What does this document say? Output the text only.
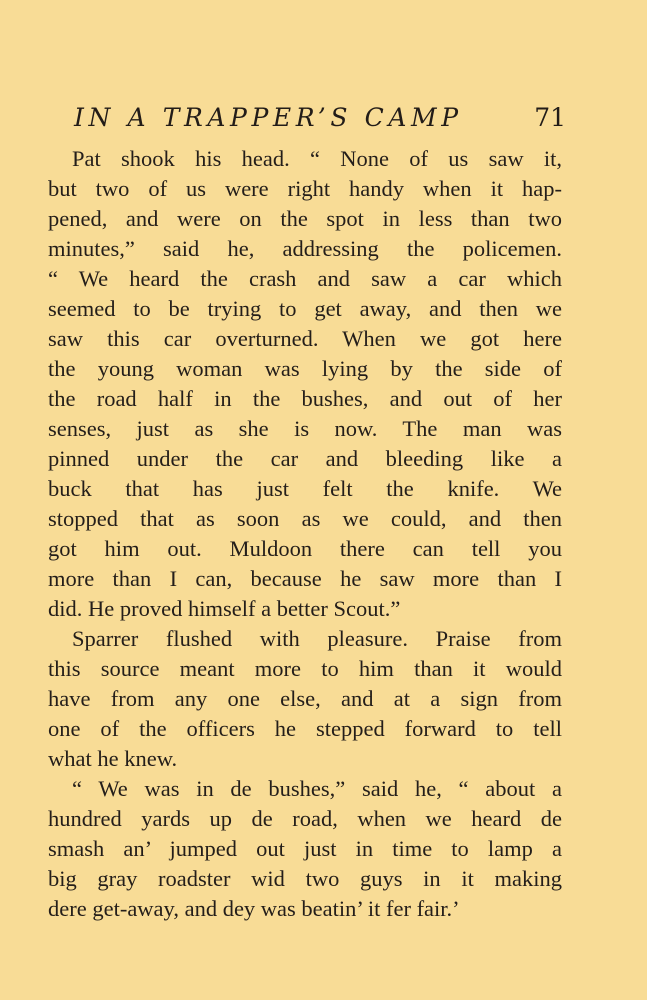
IN A TRAPPER’S CAMP	71
Pat shook his head. “ None of us saw it,
but two of us were right handy when it hap-
pened, and were on the spot in less than two
minutes,” said he, addressing the policemen.
“ We heard the crash and saw a car which
seemed to be trying to get away, and then we
saw this car overturned. When we got here
the young woman was lying by the side of
the road half in the bushes, and out of her
senses, just as she is now. The man was
pinned under the car and bleeding like a
buck that has just felt the knife. We
stopped that as soon as we could, and then
got him out. Muldoon there can tell you
more than I can, because he saw more than I
did. He proved himself a better Scout.”
Sparrer flushed with pleasure. Praise from
this source meant more to him than it would
have from any one else, and at a sign from
one of the officers he stepped forward to tell
what he knew.
“ We was in de bushes,” said he, “ about a
hundred yards up de road, when we heard de
smash an’ jumped out just in time to lamp a
big gray roadster wid two guys in it making
dere get-away, and dey was beatin’ it fer fair.’
